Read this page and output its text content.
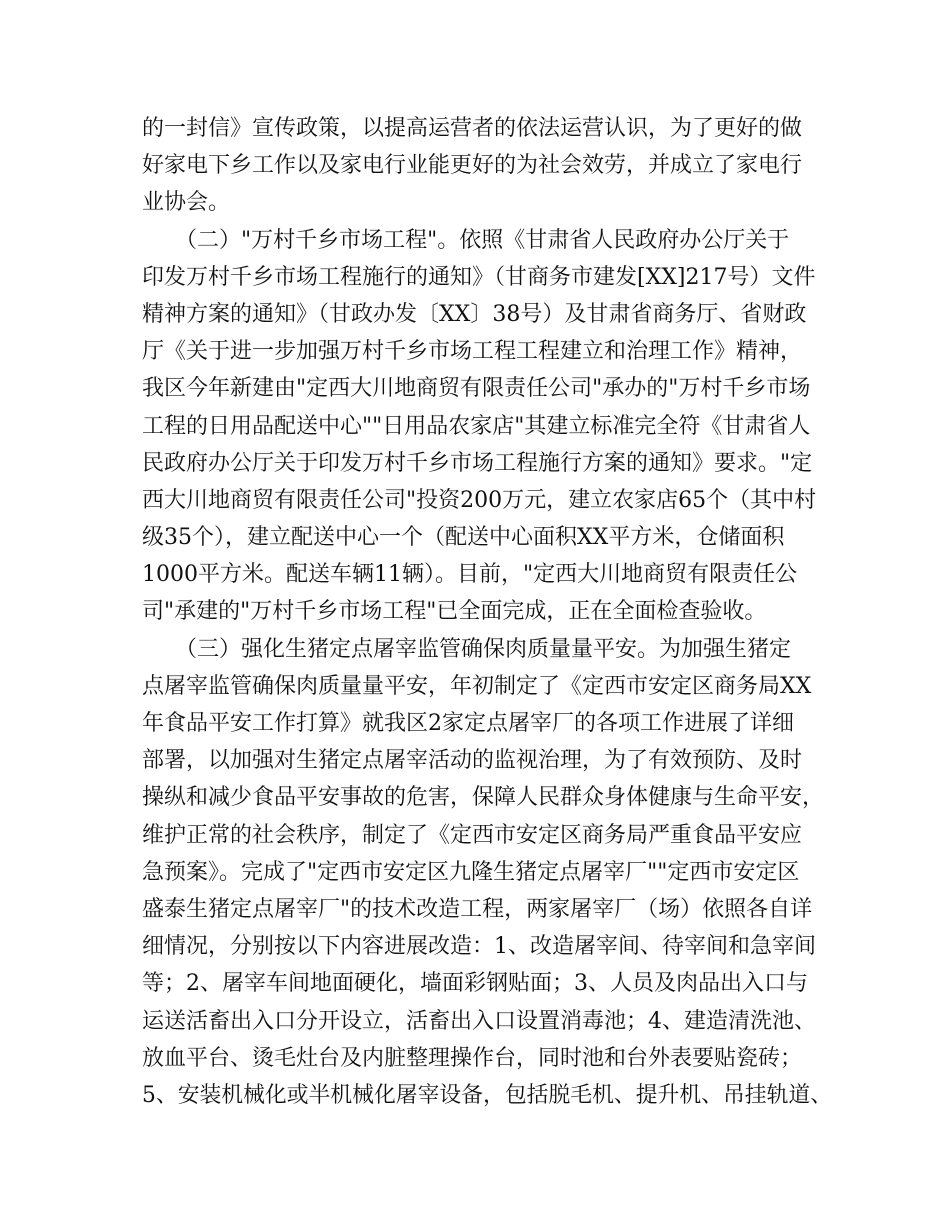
的一封信》宣传政策，以提高运营者的依法运营认识，为了更好的做
好家电下乡工作以及家电行业能更好的为社会效劳，并成立了家电行
业协会。
　　（二）"万村千乡市场工程"。依照《甘肃省人民政府办公厅关于
印发万村千乡市场工程施行的通知》（甘商务市建发[XX]217号）文件
精神方案的通知》（甘政办发〔XX〕38号）及甘肃省商务厅、省财政
厅《关于进一步加强万村千乡市场工程工程建立和治理工作》精神，
我区今年新建由"定西大川地商贸有限责任公司"承办的"万村千乡市场
工程的日用品配送中心""日用品农家店"其建立标准完全符《甘肃省人
民政府办公厅关于印发万村千乡市场工程施行方案的通知》要求。"定
西大川地商贸有限责任公司"投资200万元，建立农家店65个（其中村
级35个），建立配送中心一个（配送中心面积XX平方米，仓储面积
1000平方米。配送车辆11辆）。目前，"定西大川地商贸有限责任公
司"承建的"万村千乡市场工程"已全面完成，正在全面检查验收。
　　（三）强化生猪定点屠宰监管确保肉质量量平安。为加强生猪定
点屠宰监管确保肉质量量平安，年初制定了《定西市安定区商务局XX
年食品平安工作打算》就我区2家定点屠宰厂的各项工作进展了详细
部署，以加强对生猪定点屠宰活动的监视治理，为了有效预防、及时
操纵和减少食品平安事故的危害，保障人民群众身体健康与生命平安，
维护正常的社会秩序，制定了《定西市安定区商务局严重食品平安应
急预案》。完成了"定西市安定区九隆生猪定点屠宰厂""定西市安定区
盛泰生猪定点屠宰厂"的技术改造工程，两家屠宰厂（场）依照各自详
细情况，分别按以下内容进展改造：1、改造屠宰间、待宰间和急宰间
等；2、屠宰车间地面硬化，墙面彩钢贴面；3、人员及肉品出入口与
运送活畜出入口分开设立，活畜出入口设置消毒池；4、建造清洗池、
放血平台、烫毛灶台及内脏整理操作台，同时池和台外表要贴瓷砖；
5、安装机械化或半机械化屠宰设备，包括脱毛机、提升机、吊挂轨道、
